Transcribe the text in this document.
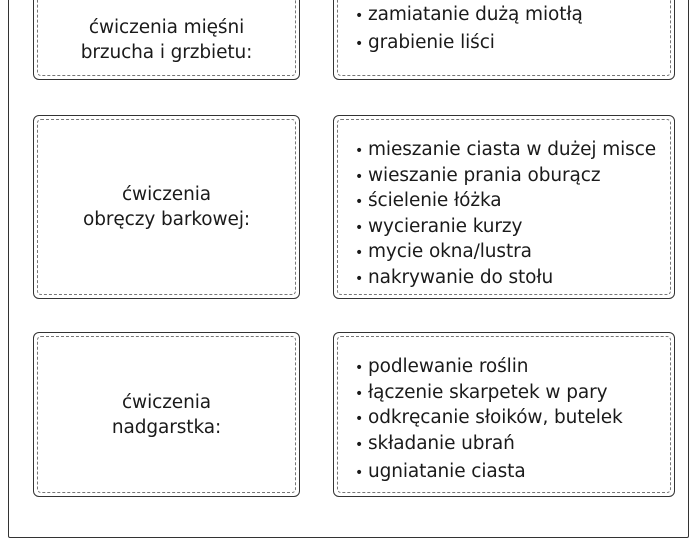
ćwiczenia mięśni
brzucha i grzbietu:
• zamiatanie dużą miotłą
• grabienie liści
ćwiczenia
obręczy barkowej:
• mieszanie ciasta w dużej misce
• wieszanie prania oburącz
• ścielenie łóżka
• wycieranie kurzy
• mycie okna/lustra
• nakrywanie do stołu
ćwiczenia
nadgarstka:
• podlewanie roślin
• łączenie skarpetek w pary
• odkręcanie słoików, butelek
• składanie ubrań
• ugniatanie ciasta
